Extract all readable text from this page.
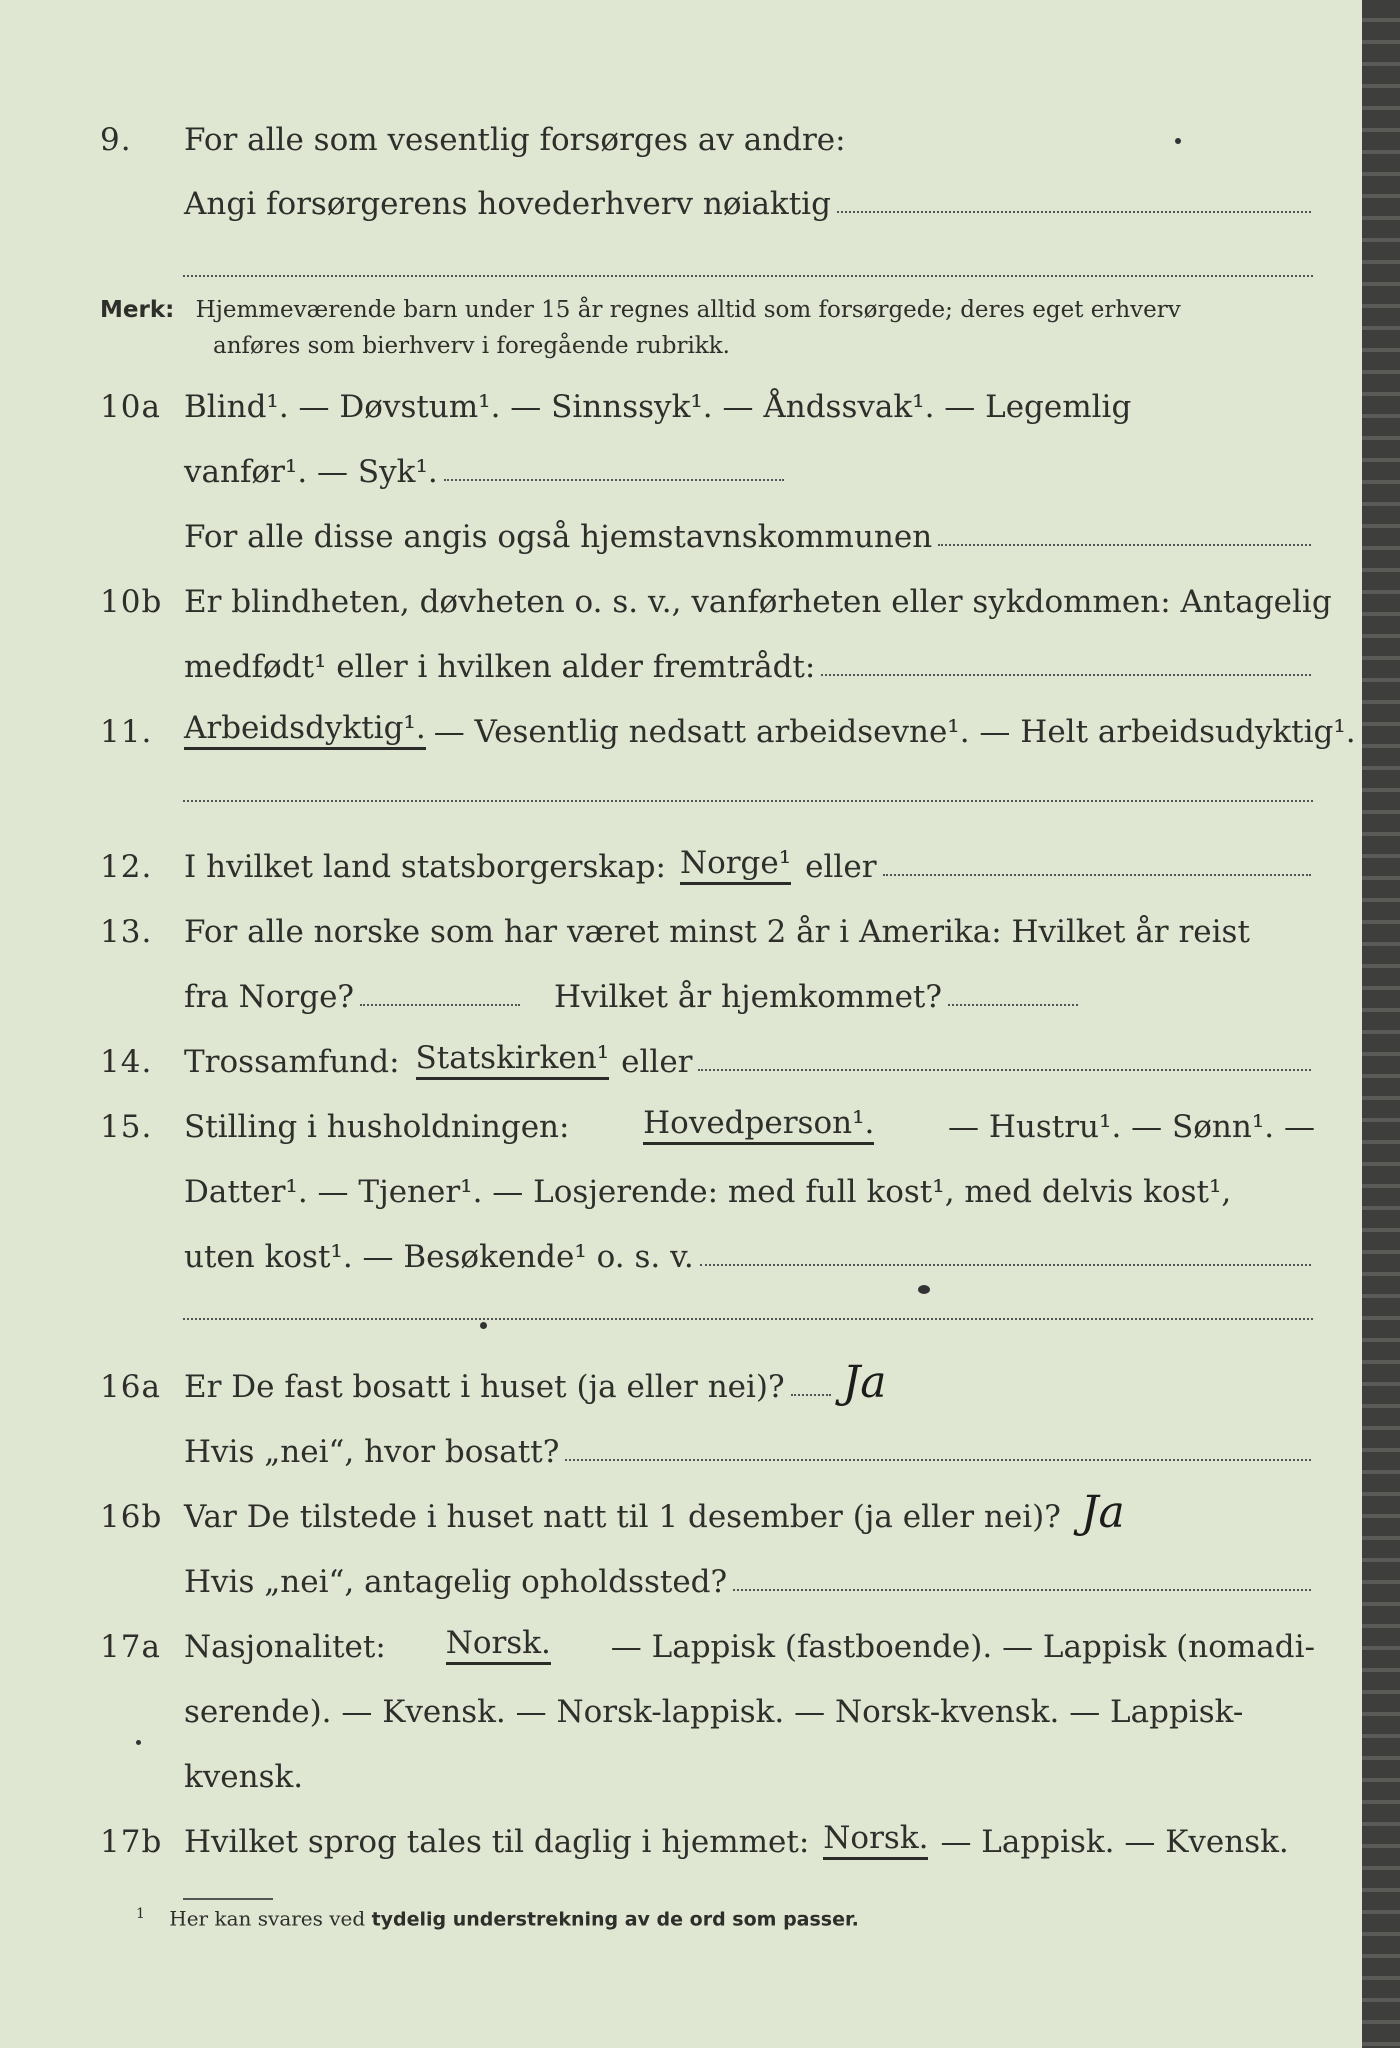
9.	For alle som vesentlig forsørges av andre:
Angi forsørgerens hovederhverv nøiaktig
Merk: Hjemmeværende barn under 15 år regnes alltid som forsørgede; deres eget erhverv
anføres som bierhverv i foregående rubrikk.
10a Blind¹. — Døvstum¹. — Sinnssyk¹. — Åndssvak¹. — Legemlig
vanfør¹. — Syk¹.
For alle disse angis også hjemstavnskommunen
10b Er blindheten, døvheten o. s. v., vanførheten eller sykdommen: Antagelig
medfødt¹ eller i hvilken alder fremtrådt:
11.	Arbeidsdyktig¹. — Vesentlig nedsatt arbeidsevne¹. — Helt arbeidsudyktig¹.
12.	I hvilket land statsborgerskap: Norge¹ eller
13.	For alle norske som har været minst 2 år i Amerika: Hvilket år reist
fra Norge?	Hvilket år hjemkommet?
14.	Trossamfund: Statskirken¹ eller
15.	Stilling i husholdningen: Hovedperson¹. — Hustru¹. — Sønn¹. —
Datter¹. — Tjener¹. — Losjerende: med full kost¹, med delvis kost¹,
uten kost¹. — Besøkende¹ o. s. v.
16a Er De fast bosatt i huset (ja eller nei)? Ja
Hvis „nei“, hvor bosatt?
16b Var De tilstede i huset natt til 1 desember (ja eller nei)? Ja
Hvis „nei“, antagelig opholdssted?
17a Nasjonalitet: Norsk. — Lappisk (fastboende). — Lappisk (nomadi-
serende). — Kvensk. — Norsk-lappisk. — Norsk-kvensk. — Lappisk-
kvensk.
17b Hvilket sprog tales til daglig i hjemmet: Norsk. — Lappisk. — Kvensk.
$^1$ Her kan svares ved tydelig understrekning av de ord som passer.
